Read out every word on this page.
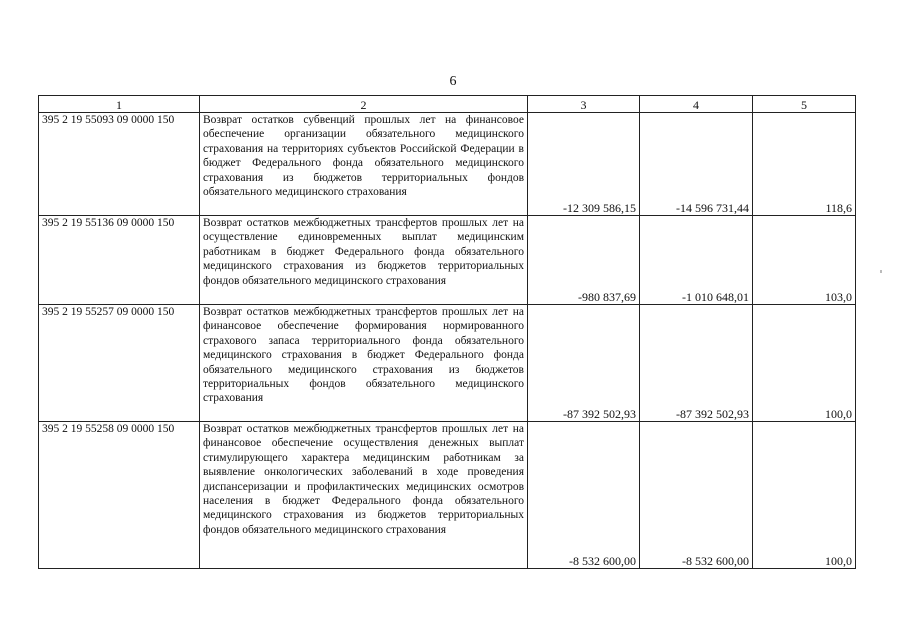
6
1	2	3	4	5
395 2 19 55093 09 0000 150	Возврат остатков субвенций прошлых лет на финансовое обеспечение организации обязательного медицинского страхования на территориях субъектов Российской Федерации в бюджет Федерального фонда обязательного медицинского страхования из бюджетов территориальных фондов обязательного медицинского страхования	-12 309 586,15	-14 596 731,44	118,6
395 2 19 55136 09 0000 150	Возврат остатков межбюджетных трансфертов прошлых лет на осуществление единовременных выплат медицинским работникам в бюджет Федерального фонда обязательного медицинского страхования из бюджетов территориальных фондов обязательного медицинского страхования	-980 837,69	-1 010 648,01	103,0
395 2 19 55257 09 0000 150	Возврат остатков межбюджетных трансфертов прошлых лет на финансовое обеспечение формирования нормированного страхового запаса территориального фонда обязательного медицинского страхования в бюджет Федерального фонда обязательного медицинского страхования из бюджетов территориальных фондов обязательного медицинского страхования	-87 392 502,93	-87 392 502,93	100,0
395 2 19 55258 09 0000 150	Возврат остатков межбюджетных трансфертов прошлых лет на финансовое обеспечение осуществления денежных выплат стимулирующего характера медицинским работникам за выявление онкологических заболеваний в ходе проведения диспансеризации и профилактических медицинских осмотров населения в бюджет Федерального фонда обязательного медицинского страхования из бюджетов территориальных фондов обязательного медицинского страхования	-8 532 600,00	-8 532 600,00	100,0
